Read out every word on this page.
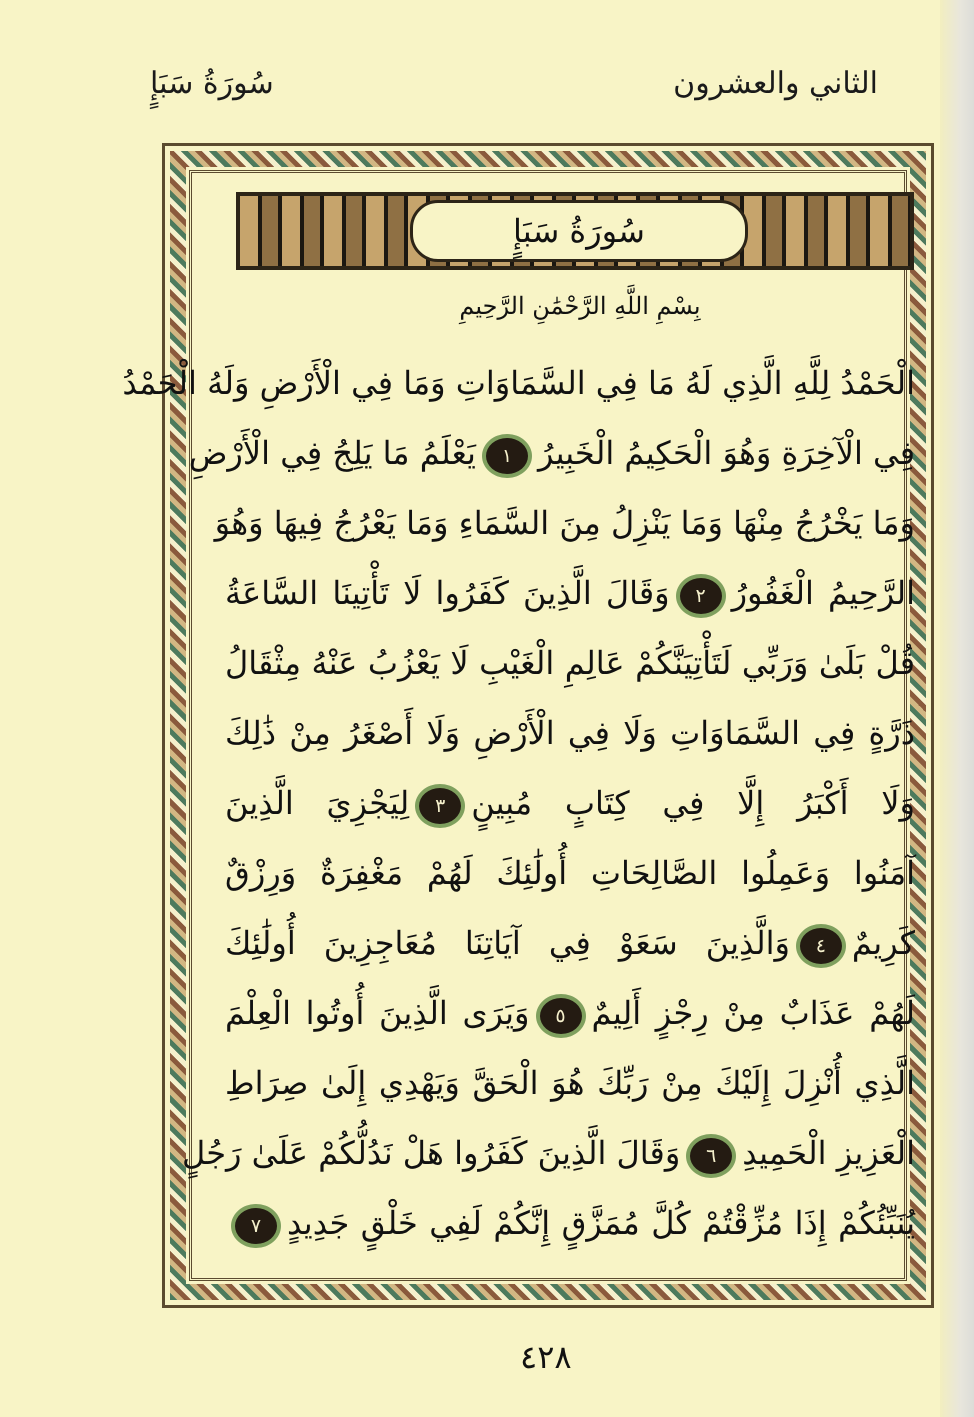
سُورَةُ سَبَإٍ	الثاني والعشرون
سُورَةُ سَبَإٍ
بِسْمِ اللَّهِ الرَّحْمَٰنِ الرَّحِيمِ
الْحَمْدُ لِلَّهِ الَّذِي لَهُ مَا فِي السَّمَاوَاتِ وَمَا فِي الْأَرْضِ وَلَهُ الْحَمْدُ
فِي الْآخِرَةِ وَهُوَ الْحَكِيمُ الْخَبِيرُ١يَعْلَمُ مَا يَلِجُ فِي الْأَرْضِ
وَمَا يَخْرُجُ مِنْهَا وَمَا يَنْزِلُ مِنَ السَّمَاءِ وَمَا يَعْرُجُ فِيهَا وَهُوَ
الرَّحِيمُ الْغَفُورُ٢وَقَالَ الَّذِينَ كَفَرُوا لَا تَأْتِينَا السَّاعَةُ
قُلْ بَلَىٰ وَرَبِّي لَتَأْتِيَنَّكُمْ عَالِمِ الْغَيْبِ لَا يَعْزُبُ عَنْهُ مِثْقَالُ
ذَرَّةٍ فِي السَّمَاوَاتِ وَلَا فِي الْأَرْضِ وَلَا أَصْغَرُ مِنْ ذَٰلِكَ
وَلَا أَكْبَرُ إِلَّا فِي كِتَابٍ مُبِينٍ٣لِيَجْزِيَ الَّذِينَ
آمَنُوا وَعَمِلُوا الصَّالِحَاتِ أُولَٰئِكَ لَهُمْ مَغْفِرَةٌ وَرِزْقٌ
كَرِيمٌ٤وَالَّذِينَ سَعَوْ فِي آيَاتِنَا مُعَاجِزِينَ أُولَٰئِكَ
لَهُمْ عَذَابٌ مِنْ رِجْزٍ أَلِيمٌ٥وَيَرَى الَّذِينَ أُوتُوا الْعِلْمَ
الَّذِي أُنْزِلَ إِلَيْكَ مِنْ رَبِّكَ هُوَ الْحَقَّ وَيَهْدِي إِلَىٰ صِرَاطِ
الْعَزِيزِ الْحَمِيدِ٦وَقَالَ الَّذِينَ كَفَرُوا هَلْ نَدُلُّكُمْ عَلَىٰ رَجُلٍ
يُنَبِّئُكُمْ إِذَا مُزِّقْتُمْ كُلَّ مُمَزَّقٍ إِنَّكُمْ لَفِي خَلْقٍ جَدِيدٍ٧
٤٢٨
